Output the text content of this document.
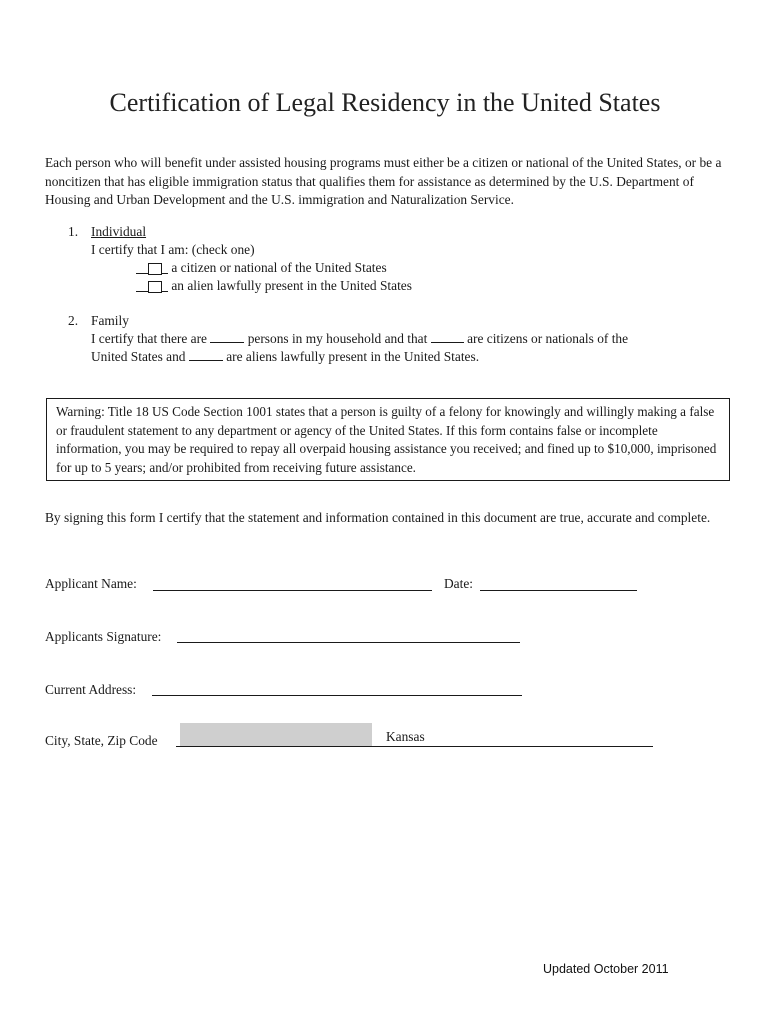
Certification of Legal Residency in the United States
Each person who will benefit under assisted housing programs must either be a citizen or national of the United States, or be a noncitizen that has eligible immigration status that qualifies them for assistance as determined by the U.S. Department of Housing and Urban Development and the U.S. immigration and Naturalization Service.
1. Individual
I certify that I am: (check one)
a citizen or national of the United States
an alien lawfully present in the United States
2. Family
I certify that there are	persons in my household and that	are citizens or nationals of the
United States and	are aliens lawfully present in the United States.
Warning: Title 18 US Code Section 1001 states that a person is guilty of a felony for knowingly and willingly making a false or fraudulent statement to any department or agency of the United States. If this form contains false or incomplete information, you may be required to repay all overpaid housing assistance you received; and fined up to $10,000, imprisoned for up to 5 years; and/or prohibited from receiving future assistance.
By signing this form I certify that the statement and information contained in this document are true, accurate and complete.
Applicant Name:	Date:
Applicants Signature:
Current Address:
City, State, Zip Code	Kansas
Updated October 2011
